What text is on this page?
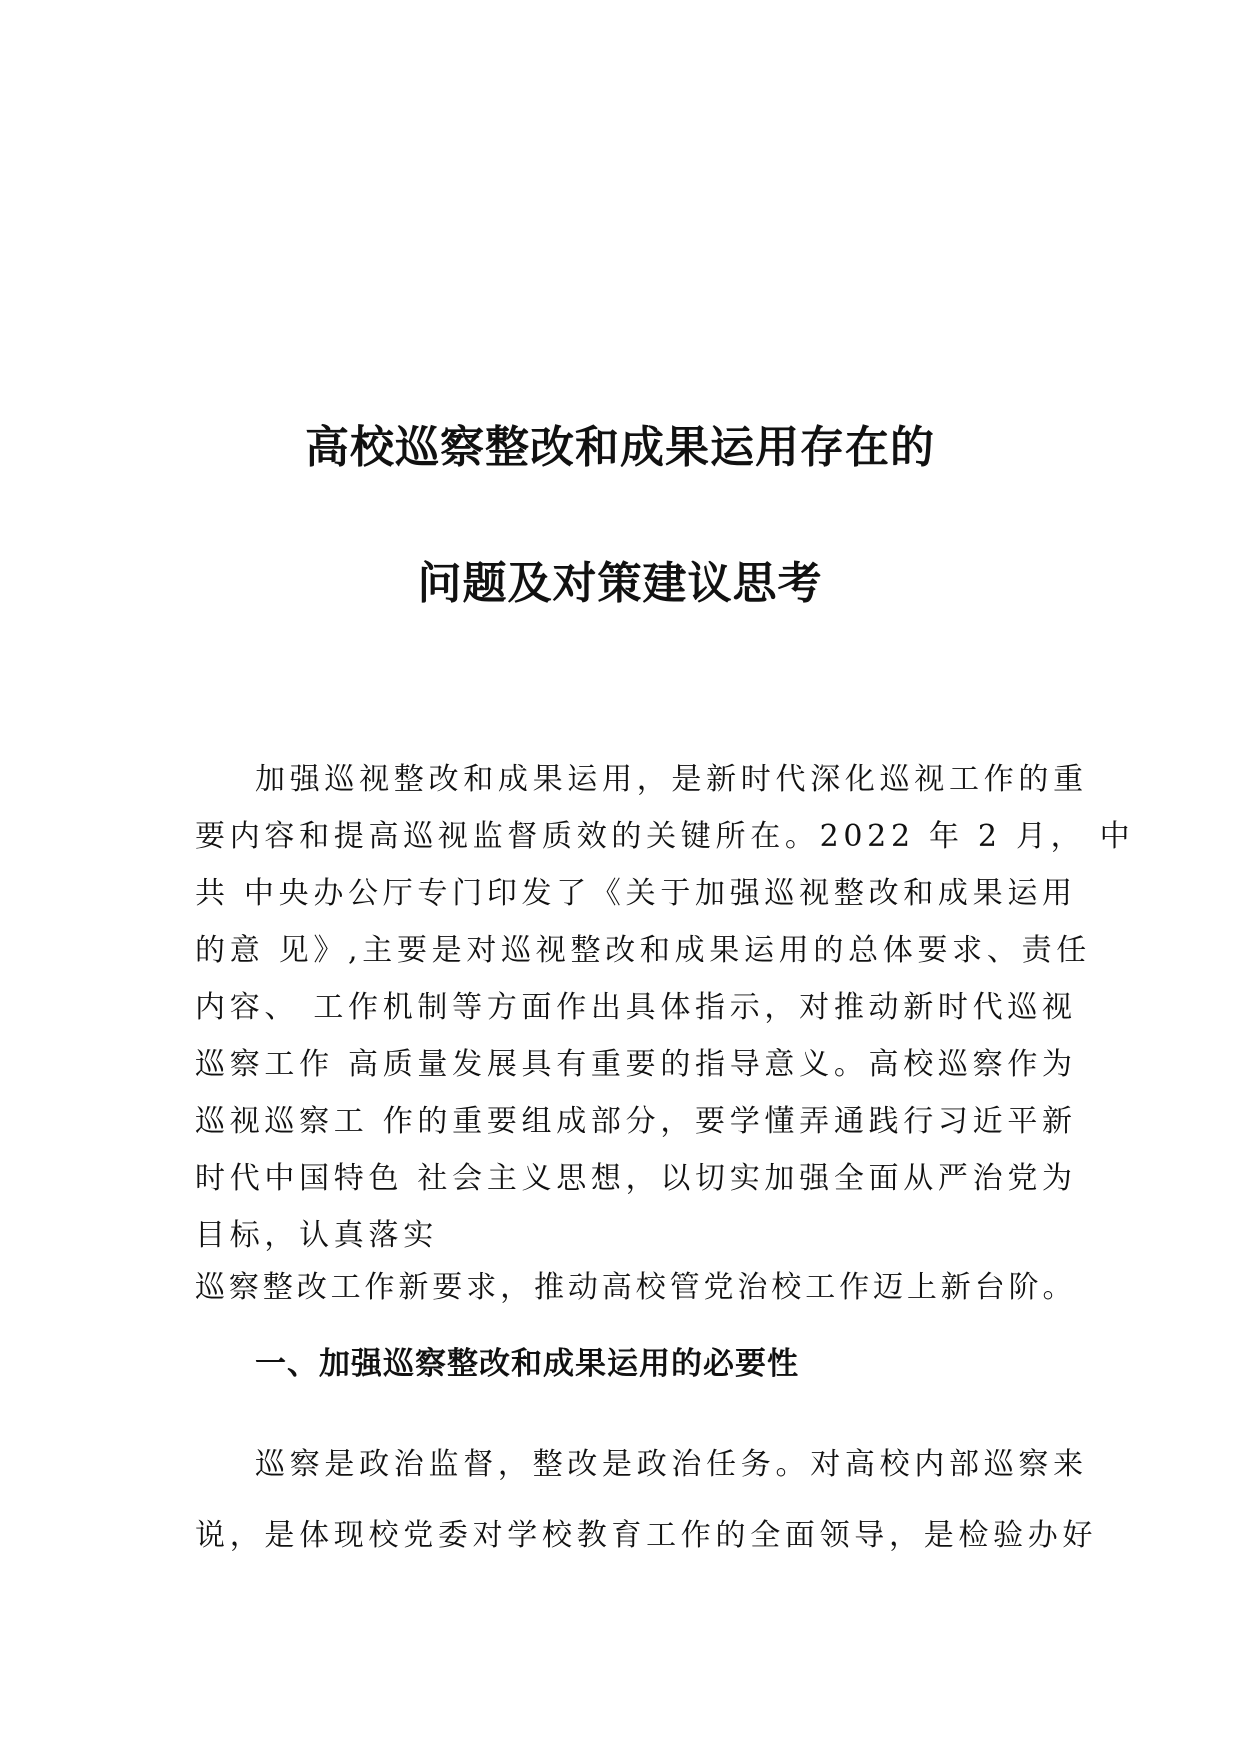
高校巡察整改和成果运用存在的
问题及对策建议思考
加强巡视整改和成果运用，是新时代深化巡视工作的重
要内容和提高巡视监督质效的关键所在。2022 年 2 月， 中
共 中央办公厅专门印发了《关于加强巡视整改和成果运用
的意 见》,主要是对巡视整改和成果运用的总体要求、责任
内容、 工作机制等方面作出具体指示，对推动新时代巡视
巡察工作 高质量发展具有重要的指导意义。高校巡察作为
巡视巡察工 作的重要组成部分，要学懂弄通践行习近平新
时代中国特色 社会主义思想，以切实加强全面从严治党为
目标，认真落实
巡察整改工作新要求，推动高校管党治校工作迈上新台阶。
一、加强巡察整改和成果运用的必要性
巡察是政治监督，整改是政治任务。对高校内部巡察来
说，是体现校党委对学校教育工作的全面领导，是检验办好
